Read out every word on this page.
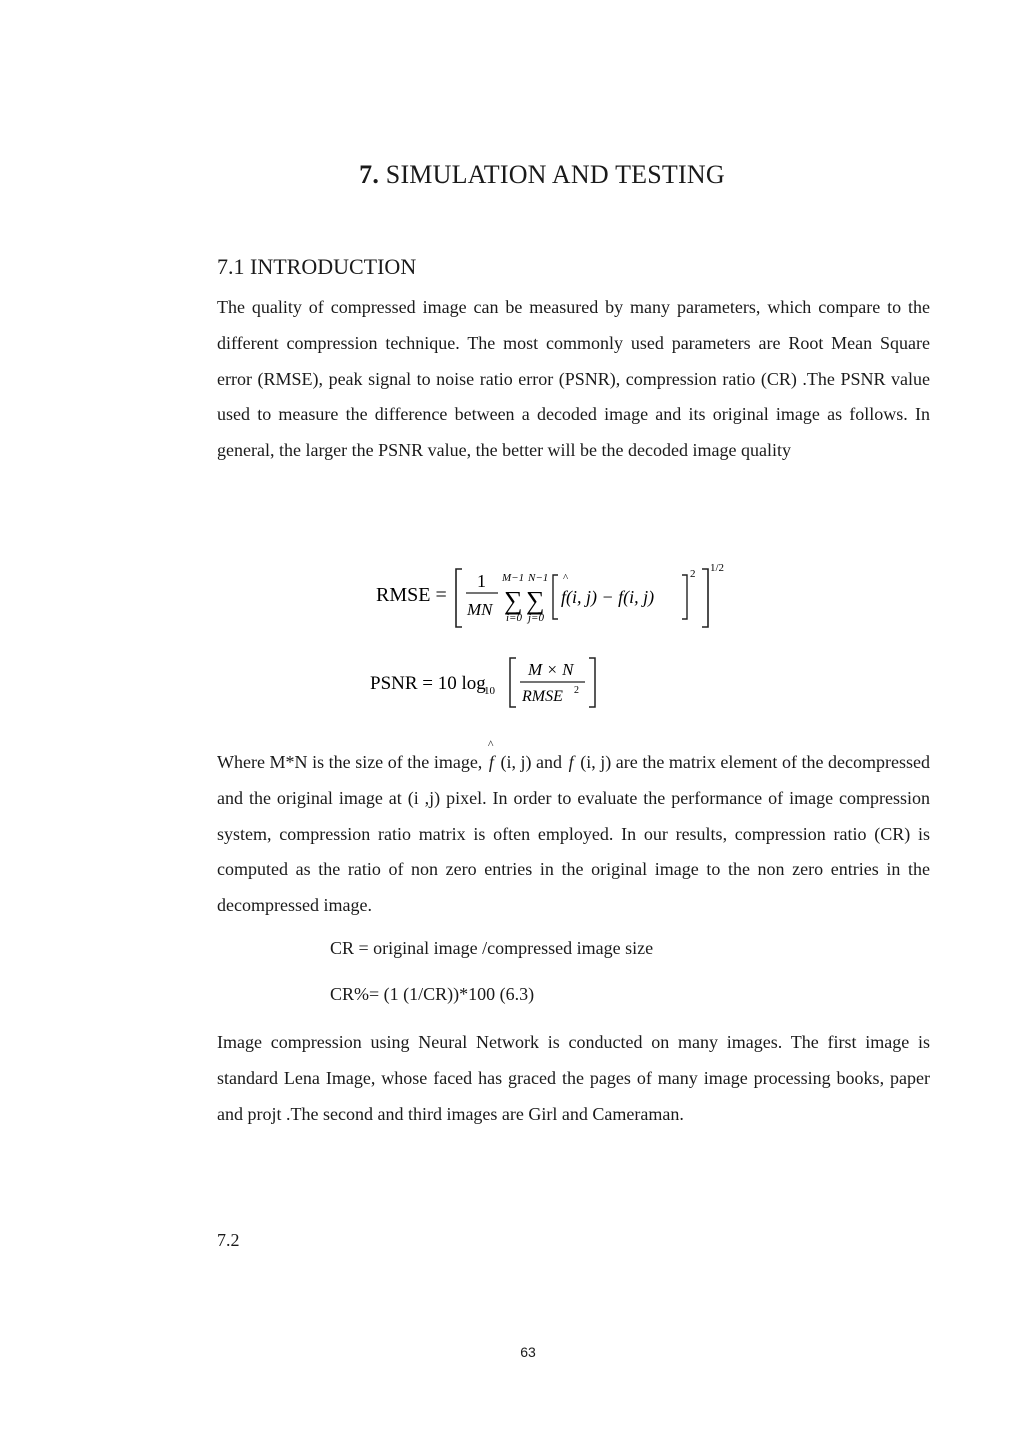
7. SIMULATION AND TESTING
7.1 INTRODUCTION

The quality of compressed image can be measured by many parameters, which compare to the different compression technique. The most commonly used parameters are Root Mean Square error (RMSE), peak signal to noise ratio error (PSNR), compression ratio (CR) .The PSNR value used to measure the difference between a decoded image and its original image as follows. In general, the larger the PSNR value, the better will be the decoded image quality

RMSE =
1
MN
M−1
∑
i=0
N−1
∑
j=0
^
f(i, j) − f(i, j)
2 1/2
PSNR = 10 log
10
M × N
RMSE 2

Where M*N is the size of the image,
^
f (i, j) and f (i, j) are the matrix element of the decompressed and the original image at (i ,j) pixel. In order to evaluate the performance of image compression system, compression ratio matrix is often employed. In our results, compression ratio (CR) is computed as the ratio of non zero entries in the original image to the non zero entries in the decompressed image.

CR = original image /compressed image size
CR%= (1 (1/CR))*100 (6.3)

Image compression using Neural Network is conducted on many images. The first image is standard Lena Image, whose faced has graced the pages of many image processing books, paper and projt .The second and third images are Girl and Cameraman.

7.2
63
